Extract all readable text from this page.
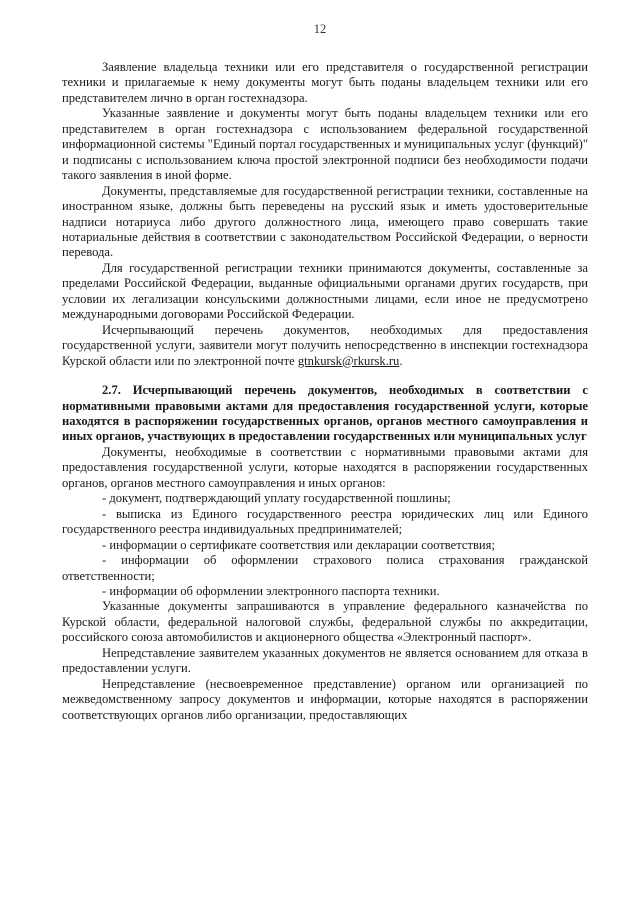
12

Заявление владельца техники или его представителя о государственной регистрации техники и прилагаемые к нему документы могут быть поданы владельцем техники или его представителем лично в орган гостехнадзора.

Указанные заявление и документы могут быть поданы владельцем техники или его представителем в орган гостехнадзора с использованием федеральной государственной информационной системы "Единый портал государственных и муниципальных услуг (функций)" и подписаны с использованием ключа простой электронной подписи без необходимости подачи такого заявления в иной форме.

Документы, представляемые для государственной регистрации техники, составленные на иностранном языке, должны быть переведены на русский язык и иметь удостоверительные надписи нотариуса либо другого должностного лица, имеющего право совершать такие нотариальные действия в соответствии с законодательством Российской Федерации, о верности перевода.

Для государственной регистрации техники принимаются документы, составленные за пределами Российской Федерации, выданные официальными органами других государств, при условии их легализации консульскими должностными лицами, если иное не предусмотрено международными договорами Российской Федерации.

Исчерпывающий перечень документов, необходимых для предоставления государственной услуги, заявители могут получить непосредственно в инспекции гостехнадзора Курской области или по электронной почте gtnkursk@rkursk.ru.

2.7. Исчерпывающий перечень документов, необходимых в соответствии с нормативными правовыми актами для предоставления государственной услуги, которые находятся в распоряжении государственных органов, органов местного самоуправления и иных органов, участвующих в предоставлении государственных или муниципальных услуг

Документы, необходимые в соответствии с нормативными правовыми актами для предоставления государственной услуги, которые находятся в распоряжении государственных органов, органов местного самоуправления и иных органов:

- документ, подтверждающий уплату государственной пошлины;

- выписка из Единого государственного реестра юридических лиц или Единого государственного реестра индивидуальных предпринимателей;

- информации о сертификате соответствия или декларации соответствия;

- информации об оформлении страхового полиса страхования гражданской ответственности;

- информации об оформлении электронного паспорта техники.

Указанные документы запрашиваются в управление федерального казначейства по Курской области, федеральной налоговой службы, федеральной службы по аккредитации, российского союза автомобилистов и акционерного общества «Электронный паспорт».

Непредставление заявителем указанных документов не является основанием для отказа в предоставлении услуги.

Непредставление (несвоевременное представление) органом или организацией по межведомственному запросу документов и информации, которые находятся в распоряжении соответствующих органов либо организации, предоставляющих
